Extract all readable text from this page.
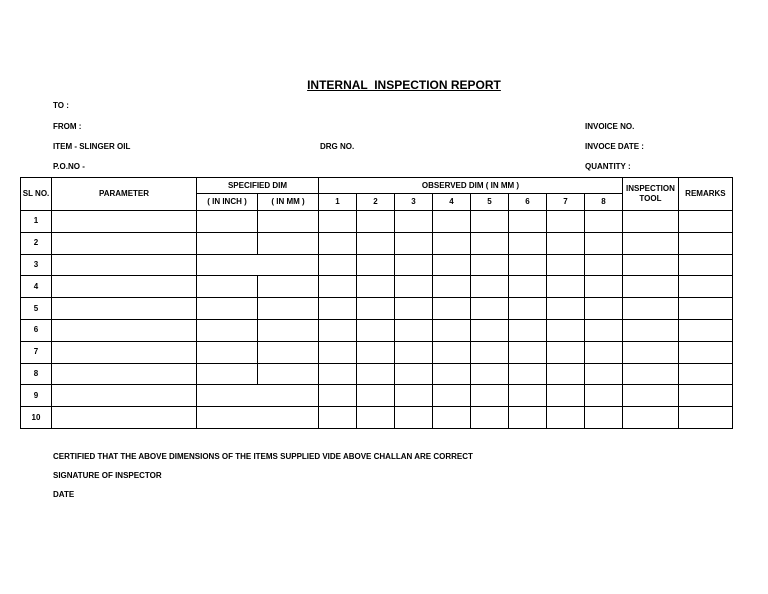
INTERNAL  INSPECTION REPORT
TO :
FROM :
ITEM - SLINGER OIL	DRG NO.
P.O.NO -
INVOICE NO.
INVOCE DATE :
QUANTITY :
SL NO.	PARAMETER	SPECIFIED DIM		OBSERVED DIM ( IN MM )								INSPECTION TOOL	REMARKS
		( IN INCH )	( IN MM )	1	2	3	4	5	6	7	8		
1													
2													
3													
4													
5													
6													
7													
8													
9													
10													
CERTIFIED THAT THE ABOVE DIMENSIONS OF THE ITEMS SUPPLIED VIDE ABOVE CHALLAN ARE CORRECT
SIGNATURE OF INSPECTOR
DATE
